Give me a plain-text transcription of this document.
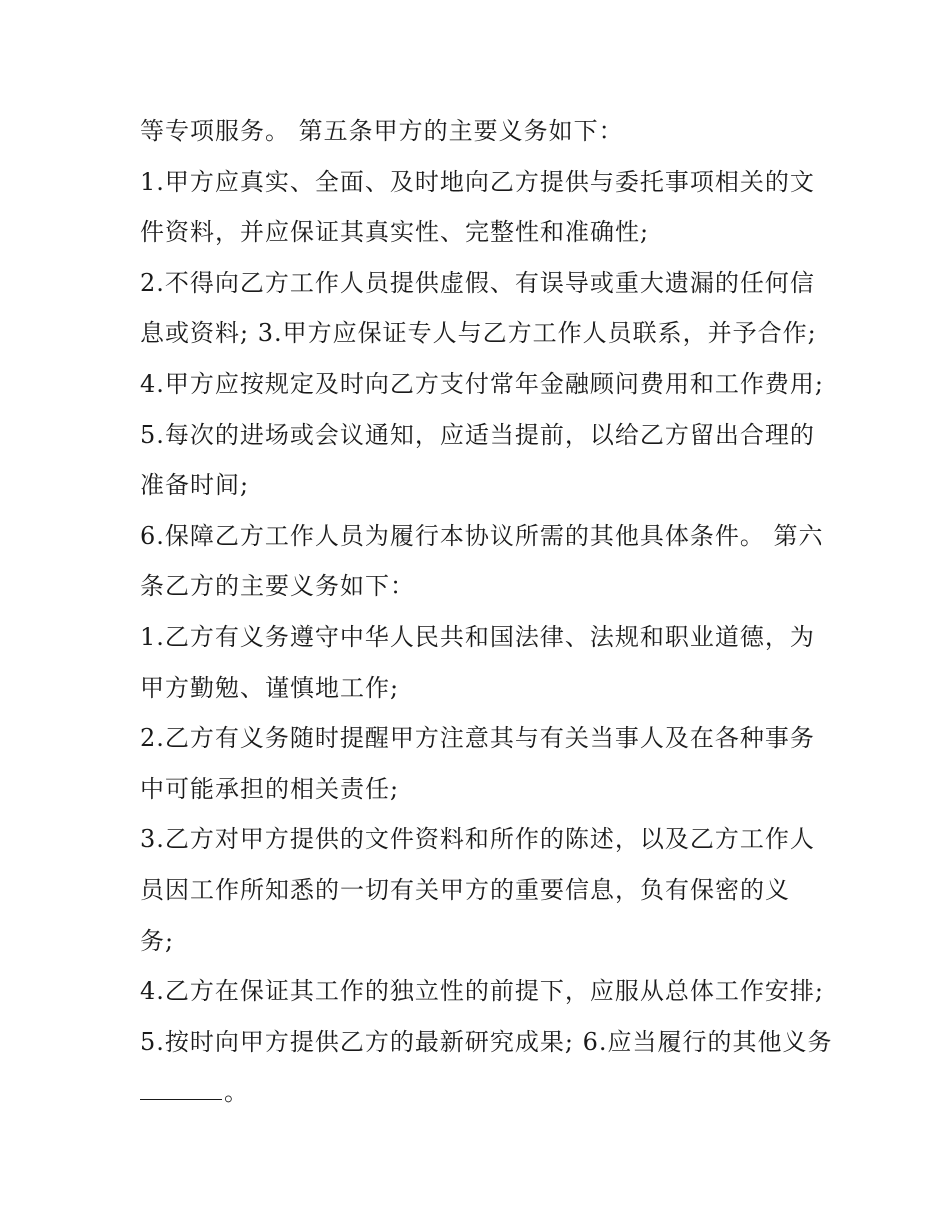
等专项服务。 第五条甲方的主要义务如下：
1.甲方应真实、全面、及时地向乙方提供与委托事项相关的文
件资料，并应保证其真实性、完整性和准确性;
2.不得向乙方工作人员提供虚假、有误导或重大遗漏的任何信
息或资料; 3.甲方应保证专人与乙方工作人员联系，并予合作;
4.甲方应按规定及时向乙方支付常年金融顾问费用和工作费用;
5.每次的进场或会议通知，应适当提前，以给乙方留出合理的
准备时间;
6.保障乙方工作人员为履行本协议所需的其他具体条件。 第六
条乙方的主要义务如下：
1.乙方有义务遵守中华人民共和国法律、法规和职业道德，为
甲方勤勉、谨慎地工作;
2.乙方有义务随时提醒甲方注意其与有关当事人及在各种事务
中可能承担的相关责任;
3.乙方对甲方提供的文件资料和所作的陈述，以及乙方工作人
员因工作所知悉的一切有关甲方的重要信息，负有保密的义
务;
4.乙方在保证其工作的独立性的前提下，应服从总体工作安排;
5.按时向甲方提供乙方的最新研究成果; 6.应当履行的其他义务
。
